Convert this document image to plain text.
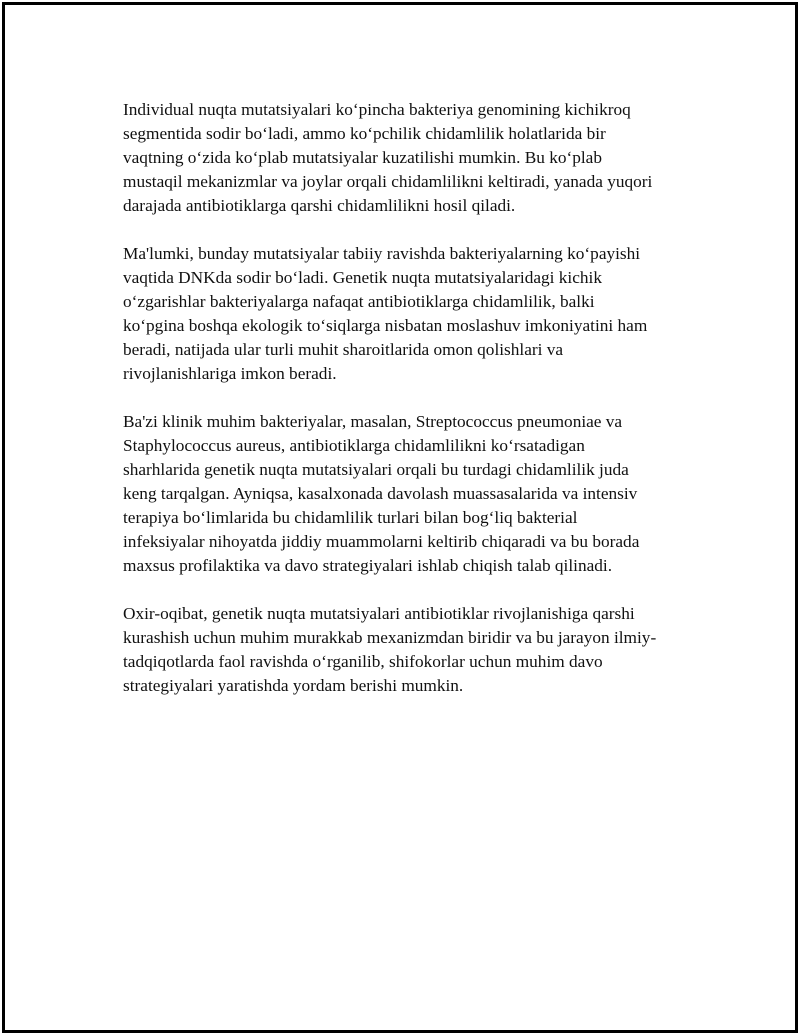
Individual nuqta mutatsiyalari ko‘pincha bakteriya genomining kichikroq
segmentida sodir bo‘ladi, ammo ko‘pchilik chidamlilik holatlarida bir
vaqtning o‘zida ko‘plab mutatsiyalar kuzatilishi mumkin. Bu ko‘plab
mustaqil mekanizmlar va joylar orqali chidamlilikni keltiradi, yanada yuqori
darajada antibiotiklarga qarshi chidamlilikni hosil qiladi.

Ma'lumki, bunday mutatsiyalar tabiiy ravishda bakteriyalarning ko‘payishi
vaqtida DNKda sodir bo‘ladi. Genetik nuqta mutatsiyalaridagi kichik
o‘zgarishlar bakteriyalarga nafaqat antibiotiklarga chidamlilik, balki
ko‘pgina boshqa ekologik to‘siqlarga nisbatan moslashuv imkoniyatini ham
beradi, natijada ular turli muhit sharoitlarida omon qolishlari va
rivojlanishlariga imkon beradi.

Ba'zi klinik muhim bakteriyalar, masalan, Streptococcus pneumoniae va
Staphylococcus aureus, antibiotiklarga chidamlilikni ko‘rsatadigan
sharhlarida genetik nuqta mutatsiyalari orqali bu turdagi chidamlilik juda
keng tarqalgan. Ayniqsa, kasalxonada davolash muassasalarida va intensiv
terapiya bo‘limlarida bu chidamlilik turlari bilan bog‘liq bakterial
infeksiyalar nihoyatda jiddiy muammolarni keltirib chiqaradi va bu borada
maxsus profilaktika va davo strategiyalari ishlab chiqish talab qilinadi.

Oxir-oqibat, genetik nuqta mutatsiyalari antibiotiklar rivojlanishiga qarshi
kurashish uchun muhim murakkab mexanizmdan biridir va bu jarayon ilmiy-
tadqiqotlarda faol ravishda o‘rganilib, shifokorlar uchun muhim davo
strategiyalari yaratishda yordam berishi mumkin.
